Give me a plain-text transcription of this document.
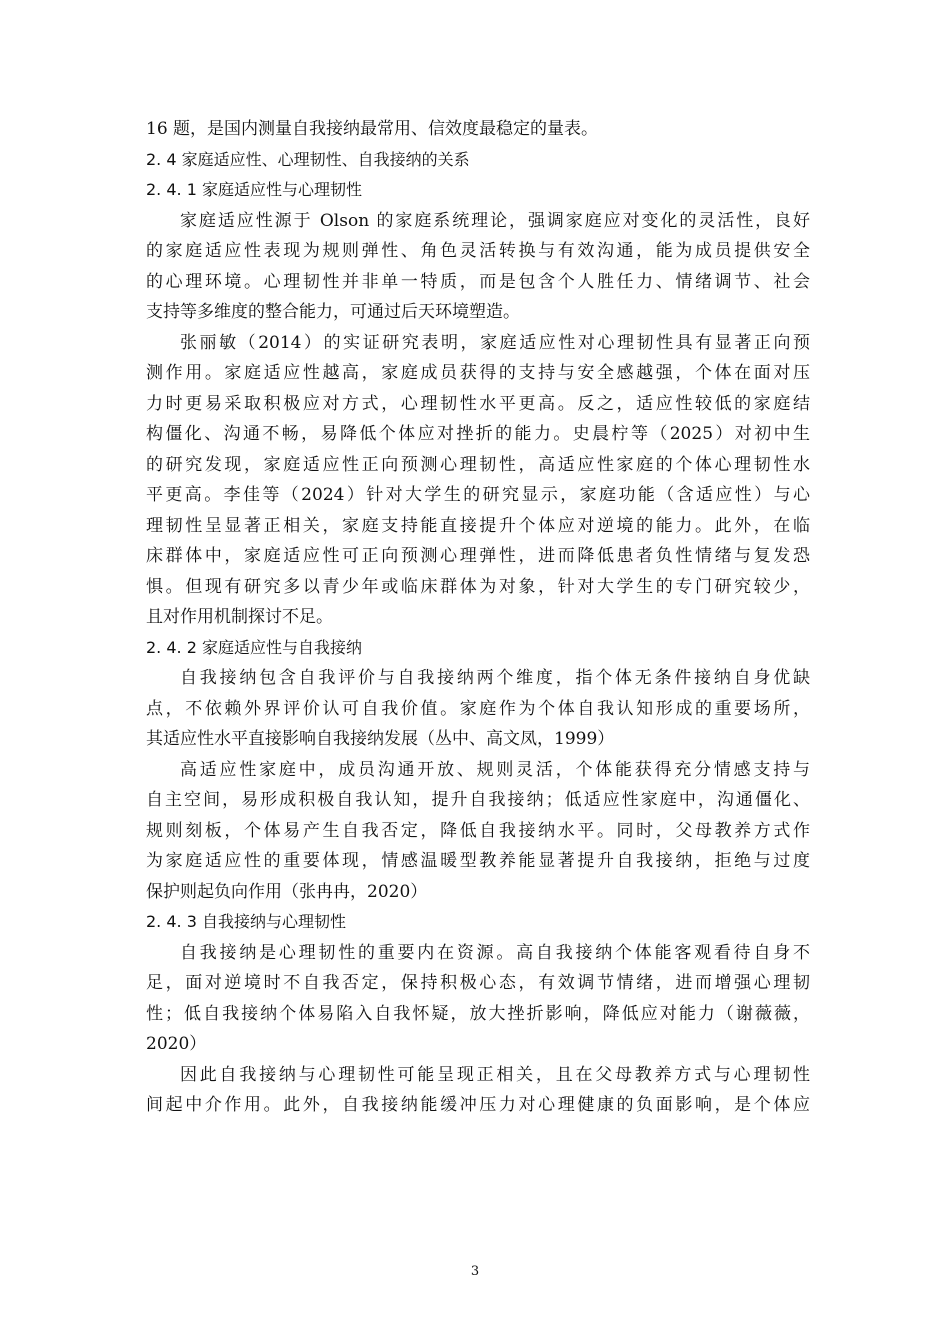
16 题，是国内测量自我接纳最常用、信效度最稳定的量表。
2. 4 家庭适应性、心理韧性、自我接纳的关系
2. 4. 1 家庭适应性与心理韧性
家庭适应性源于 Olson 的家庭系统理论，强调家庭应对变化的灵活性，良好
的家庭适应性表现为规则弹性、角色灵活转换与有效沟通，能为成员提供安全
的心理环境。心理韧性并非单一特质，而是包含个人胜任力、情绪调节、社会
支持等多维度的整合能力，可通过后天环境塑造。
张丽敏（2014）的实证研究表明，家庭适应性对心理韧性具有显著正向预
测作用。家庭适应性越高，家庭成员获得的支持与安全感越强，个体在面对压
力时更易采取积极应对方式，心理韧性水平更高。反之，适应性较低的家庭结
构僵化、沟通不畅，易降低个体应对挫折的能力。史晨柠等（2025）对初中生
的研究发现，家庭适应性正向预测心理韧性，高适应性家庭的个体心理韧性水
平更高。李佳等（2024）针对大学生的研究显示，家庭功能（含适应性）与心
理韧性呈显著正相关，家庭支持能直接提升个体应对逆境的能力。此外，在临
床群体中，家庭适应性可正向预测心理弹性，进而降低患者负性情绪与复发恐
惧。但现有研究多以青少年或临床群体为对象，针对大学生的专门研究较少，
且对作用机制探讨不足。
2. 4. 2 家庭适应性与自我接纳
自我接纳包含自我评价与自我接纳两个维度，指个体无条件接纳自身优缺
点，不依赖外界评价认可自我价值。家庭作为个体自我认知形成的重要场所，
其适应性水平直接影响自我接纳发展（丛中、高文凤，1999）
高适应性家庭中，成员沟通开放、规则灵活，个体能获得充分情感支持与
自主空间，易形成积极自我认知，提升自我接纳；低适应性家庭中，沟通僵化、
规则刻板，个体易产生自我否定，降低自我接纳水平。同时，父母教养方式作
为家庭适应性的重要体现，情感温暖型教养能显著提升自我接纳，拒绝与过度
保护则起负向作用（张冉冉，2020）
2. 4. 3 自我接纳与心理韧性
自我接纳是心理韧性的重要内在资源。高自我接纳个体能客观看待自身不
足，面对逆境时不自我否定，保持积极心态，有效调节情绪，进而增强心理韧
性；低自我接纳个体易陷入自我怀疑，放大挫折影响，降低应对能力（谢薇薇，
2020）
因此自我接纳与心理韧性可能呈现正相关，且在父母教养方式与心理韧性
间起中介作用。此外，自我接纳能缓冲压力对心理健康的负面影响，是个体应
3
